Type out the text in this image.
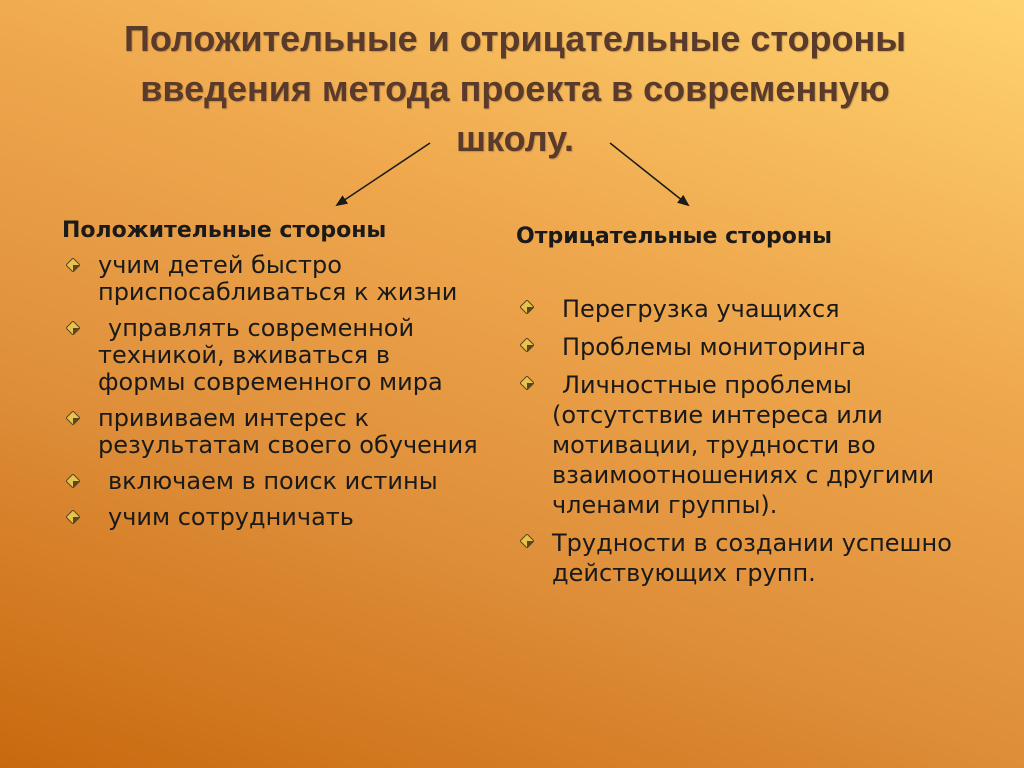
Положительные и отрицательные стороны
введения метода проекта в современную
школу.
Положительные стороны
учим детей быстро приспосабливаться к жизни
управлять современной техникой, вживаться в формы современного мира
прививаем интерес к результатам своего обучения
включаем в поиск истины
учим сотрудничать
Отрицательные стороны
Перегрузка учащихся
Проблемы мониторинга
Личностные проблемы (отсутствие интереса или мотивации, трудности во взаимоотношениях с другими членами группы).
Трудности в создании успешно действующих групп.
